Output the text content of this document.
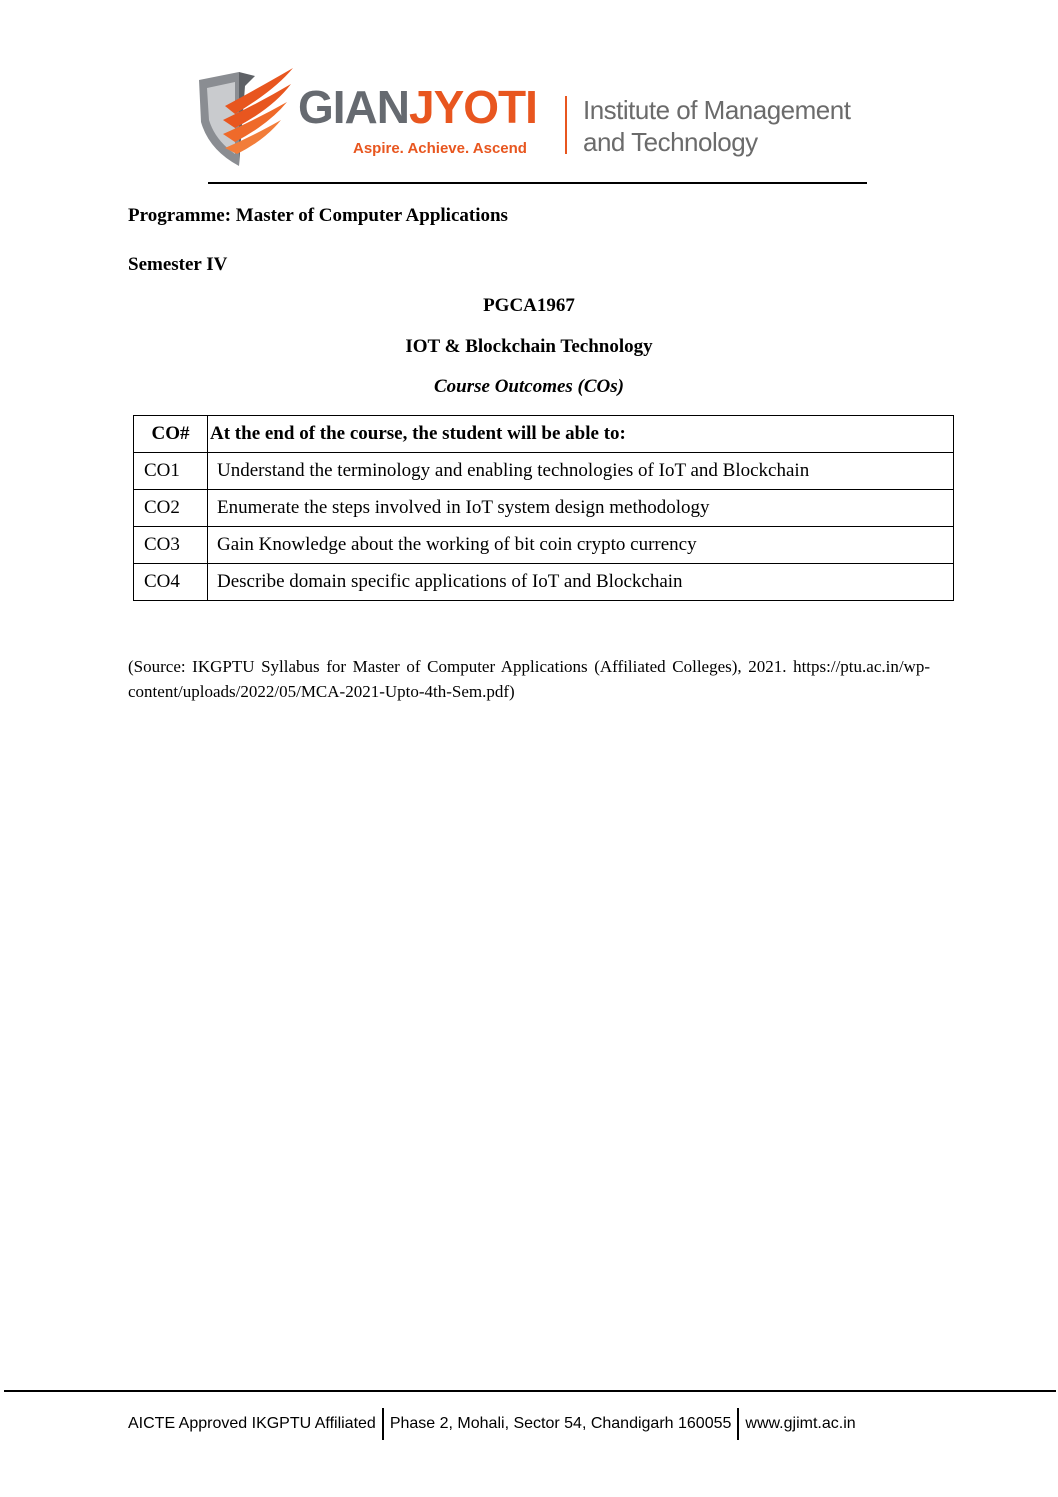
GIANJYOTI
Aspire. Achieve. Ascend
Institute of Management
and Technology
Programme: Master of Computer Applications
Semester IV
PGCA1967
IOT & Blockchain Technology
Course Outcomes (COs)
CO#	At the end of the course, the student will be able to:
CO1	Understand the terminology and enabling technologies of IoT and Blockchain
CO2	Enumerate the steps involved in IoT system design methodology
CO3	Gain Knowledge about the working of bit coin crypto currency
CO4	Describe domain specific applications of IoT and Blockchain
(Source: IKGPTU Syllabus for Master of Computer Applications (Affiliated Colleges), 2021. https://ptu.ac.in/wp-content/uploads/2022/05/MCA-2021-Upto-4th-Sem.pdf)
AICTE Approved IKGPTU Affiliated Phase 2, Mohali, Sector 54, Chandigarh 160055 www.gjimt.ac.in
